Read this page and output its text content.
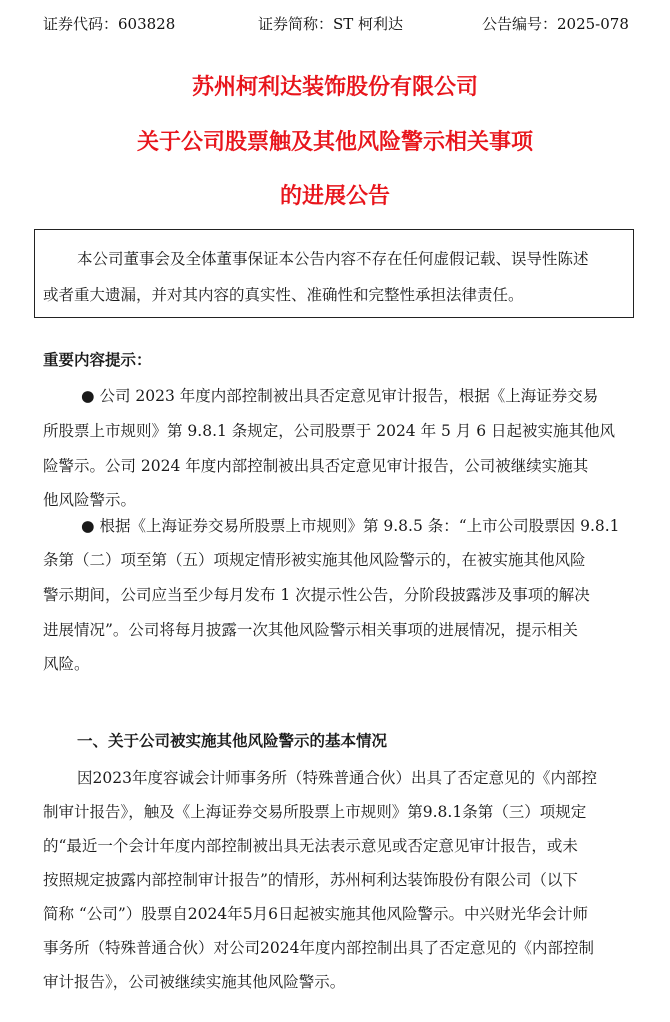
证券代码：603828	证券简称：ST 柯利达	公告编号：2025-078
苏州柯利达装饰股份有限公司
关于公司股票触及其他风险警示相关事项
的进展公告
本公司董事会及全体董事保证本公告内容不存在任何虚假记载、误导性陈述
或者重大遗漏，并对其内容的真实性、准确性和完整性承担法律责任。
重要内容提示：
● 公司 2023 年度内部控制被出具否定意见审计报告，根据《上海证券交易
所股票上市规则》第 9.8.1 条规定，公司股票于 2024 年 5 月 6 日起被实施其他风
险警示。公司 2024 年度内部控制被出具否定意见审计报告，公司被继续实施其
他风险警示。
● 根据《上海证券交易所股票上市规则》第 9.8.5 条：“上市公司股票因 9.8.1
条第（二）项至第（五）项规定情形被实施其他风险警示的，在被实施其他风险
警示期间，公司应当至少每月发布 1 次提示性公告，分阶段披露涉及事项的解决
进展情况”。公司将每月披露一次其他风险警示相关事项的进展情况，提示相关
风险。
一、关于公司被实施其他风险警示的基本情况
因2023年度容诚会计师事务所（特殊普通合伙）出具了否定意见的《内部控
制审计报告》，触及《上海证券交易所股票上市规则》第9.8.1条第（三）项规定
的“最近一个会计年度内部控制被出具无法表示意见或否定意见审计报告，或未
按照规定披露内部控制审计报告”的情形，苏州柯利达装饰股份有限公司（以下
简称 “公司”）股票自2024年5月6日起被实施其他风险警示。中兴财光华会计师
事务所（特殊普通合伙）对公司2024年度内部控制出具了否定意见的《内部控制
审计报告》，公司被继续实施其他风险警示。
